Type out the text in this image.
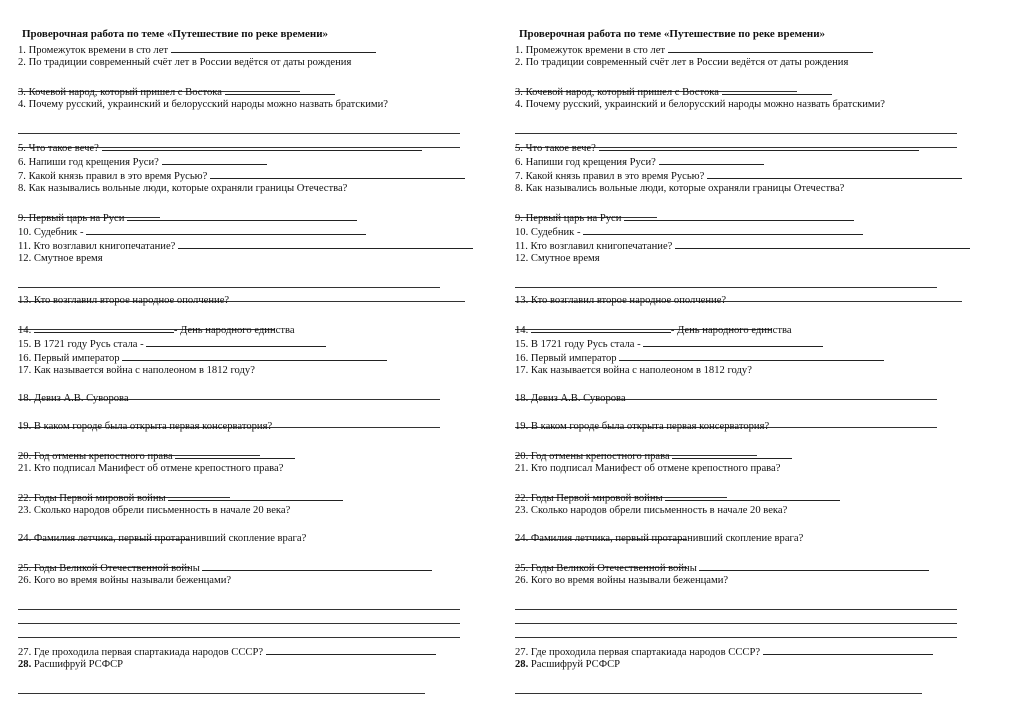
Проверочная работа по теме «Путешествие по реке времени»
1. Промежуток времени в сто лет
2. По традиции современный счёт лет в России ведётся от даты рождения
3. Кочевой народ, который пришел с Востока
4. Почему русский, украинский и белорусский народы можно назвать братскими?
5. Что такое вече?
6. Напиши год крещения Руси?
7. Какой князь правил в это время Русью?
8. Как назывались вольные люди, которые охраняли границы Отечества?
9. Первый царь на Руси
10. Судебник -
11. Кто возглавил книгопечатание?
12. Смутное время
13. Кто возглавил второе народное ополчение?
14.	- День народного единства
15. В 1721 году Русь стала -
16. Первый император
17. Как называется война с наполеоном в 1812 году?
18. Девиз А.В. Суворова
19. В каком городе была открыта первая консерватория?
20. Год отмены крепостного права
21. Кто подписал Манифест об отмене крепостного права?
22. Годы Первой мировой войны
23. Сколько народов обрели письменность в начале 20 века?
24. Фамилия летчика, первый протаранивший скопление врага?
25. Годы Великой Отечественной войны
26. Кого во время войны называли беженцами?
27. Где проходила первая спартакиада народов СССР?
28. Расшифруй РСФСР
Проверочная работа по теме «Путешествие по реке времени»
1. Промежуток времени в сто лет
2. По традиции современный счёт лет в России ведётся от даты рождения
3. Кочевой народ, который пришел с Востока
4. Почему русский, украинский и белорусский народы можно назвать братскими?
5. Что такое вече?
6. Напиши год крещения Руси?
7. Какой князь правил в это время Русью?
8. Как назывались вольные люди, которые охраняли границы Отечества?
9. Первый царь на Руси
10. Судебник -
11. Кто возглавил книгопечатание?
12. Смутное время
13. Кто возглавил второе народное ополчение?
14.	- День народного единства
15. В 1721 году Русь стала -
16. Первый император
17. Как называется война с наполеоном в 1812 году?
18. Девиз А.В. Суворова
19. В каком городе была открыта первая консерватория?
20. Год отмены крепостного права
21. Кто подписал Манифест об отмене крепостного права?
22. Годы Первой мировой войны
23. Сколько народов обрели письменность в начале 20 века?
24. Фамилия летчика, первый протаранивший скопление врага?
25. Годы Великой Отечественной войны
26. Кого во время войны называли беженцами?
27. Где проходила первая спартакиада народов СССР?
28. Расшифруй РСФСР
